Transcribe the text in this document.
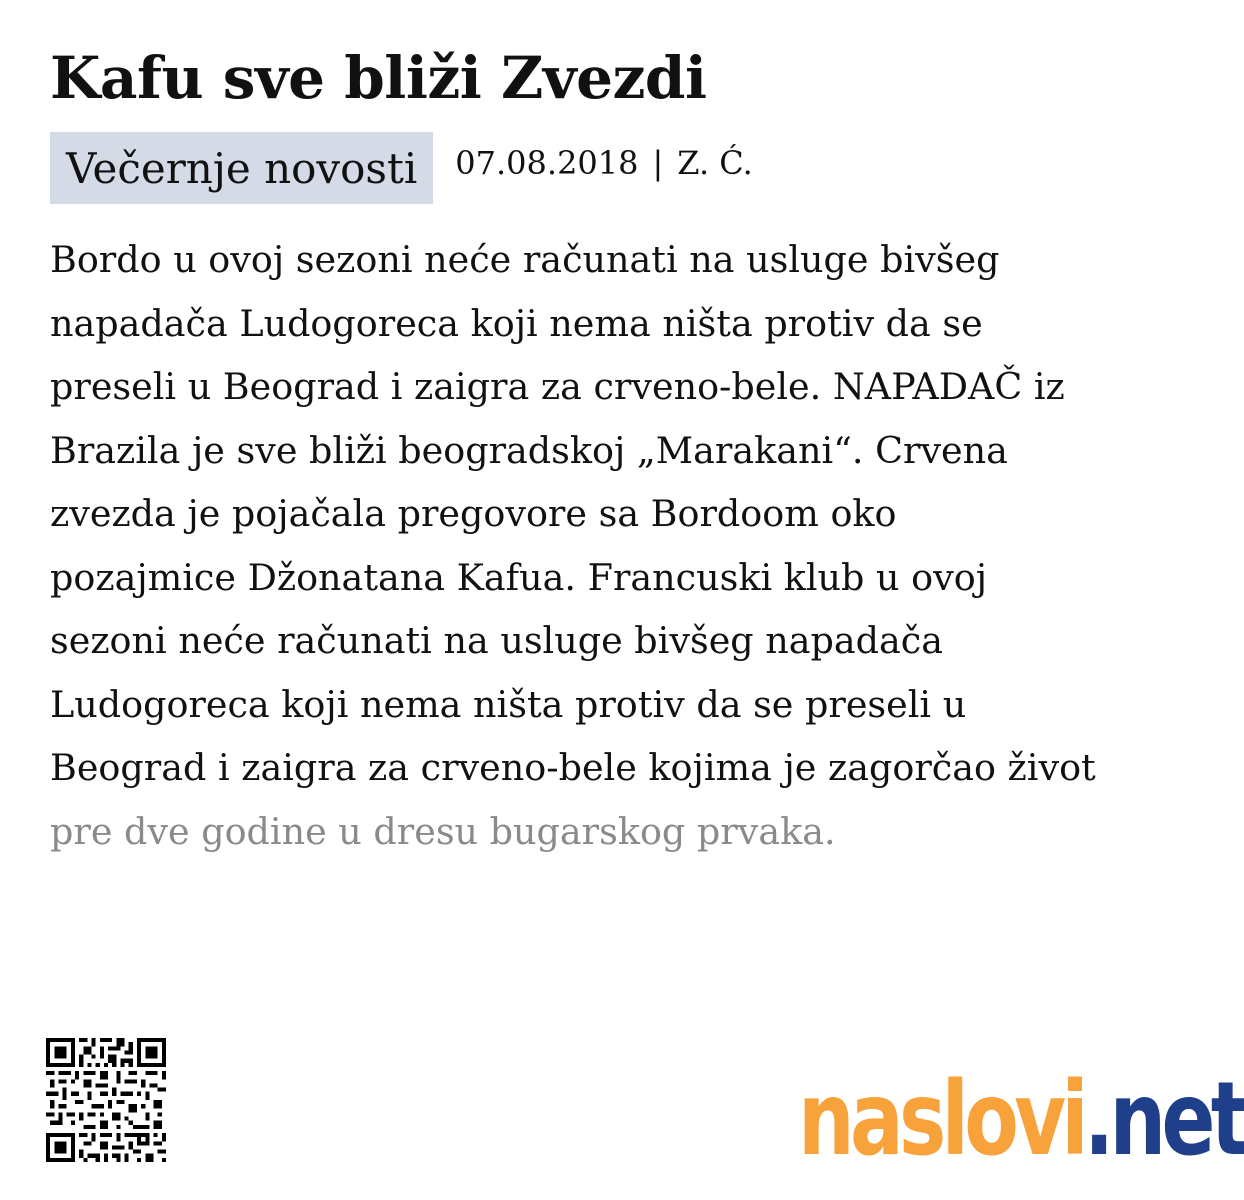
Kafu sve bliži Zvezdi
Večernje novosti	07.08.2018 | Z. Ć.
Bordo u ovoj sezoni neće računati na usluge bivšeg
napadača Ludogoreca koji nema ništa protiv da se
preseli u Beograd i zaigra za crveno-bele. NAPADAČ iz
Brazila je sve bliži beogradskoj „Marakani“. Crvena
zvezda je pojačala pregovore sa Bordoom oko
pozajmice Džonatana Kafua. Francuski klub u ovoj
sezoni neće računati na usluge bivšeg napadača
Ludogoreca koji nema ništa protiv da se preseli u
Beograd i zaigra za crveno-bele kojima je zagorčao život
pre dve godine u dresu bugarskog prvaka.
naslovi . net
